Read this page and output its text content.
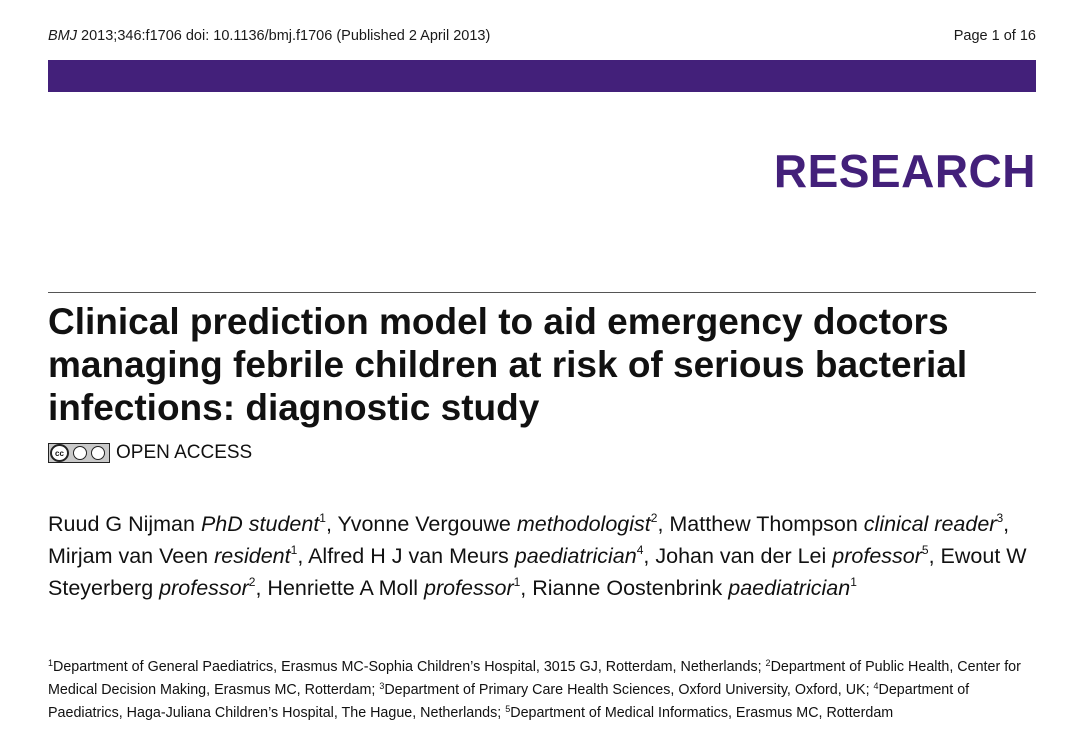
BMJ 2013;346:f1706 doi: 10.1136/bmj.f1706 (Published 2 April 2013)	Page 1 of 16
RESEARCH
Clinical prediction model to aid emergency doctors managing febrile children at risk of serious bacterial infections: diagnostic study
cc	OPEN ACCESS
Ruud G Nijman PhD student$^1$, Yvonne Vergouwe methodologist$^2$, Matthew Thompson clinical reader$^3$, Mirjam van Veen resident$^1$, Alfred H J van Meurs paediatrician$^4$, Johan van der Lei professor$^5$, Ewout W Steyerberg professor$^2$, Henriette A Moll professor$^1$, Rianne Oostenbrink paediatrician$^1$
$^1$Department of General Paediatrics, Erasmus MC-Sophia Children’s Hospital, 3015 GJ, Rotterdam, Netherlands; $^2$Department of Public Health, Center for Medical Decision Making, Erasmus MC, Rotterdam; $^3$Department of Primary Care Health Sciences, Oxford University, Oxford, UK; $^4$Department of Paediatrics, Haga-Juliana Children’s Hospital, The Hague, Netherlands; $^5$Department of Medical Informatics, Erasmus MC, Rotterdam
